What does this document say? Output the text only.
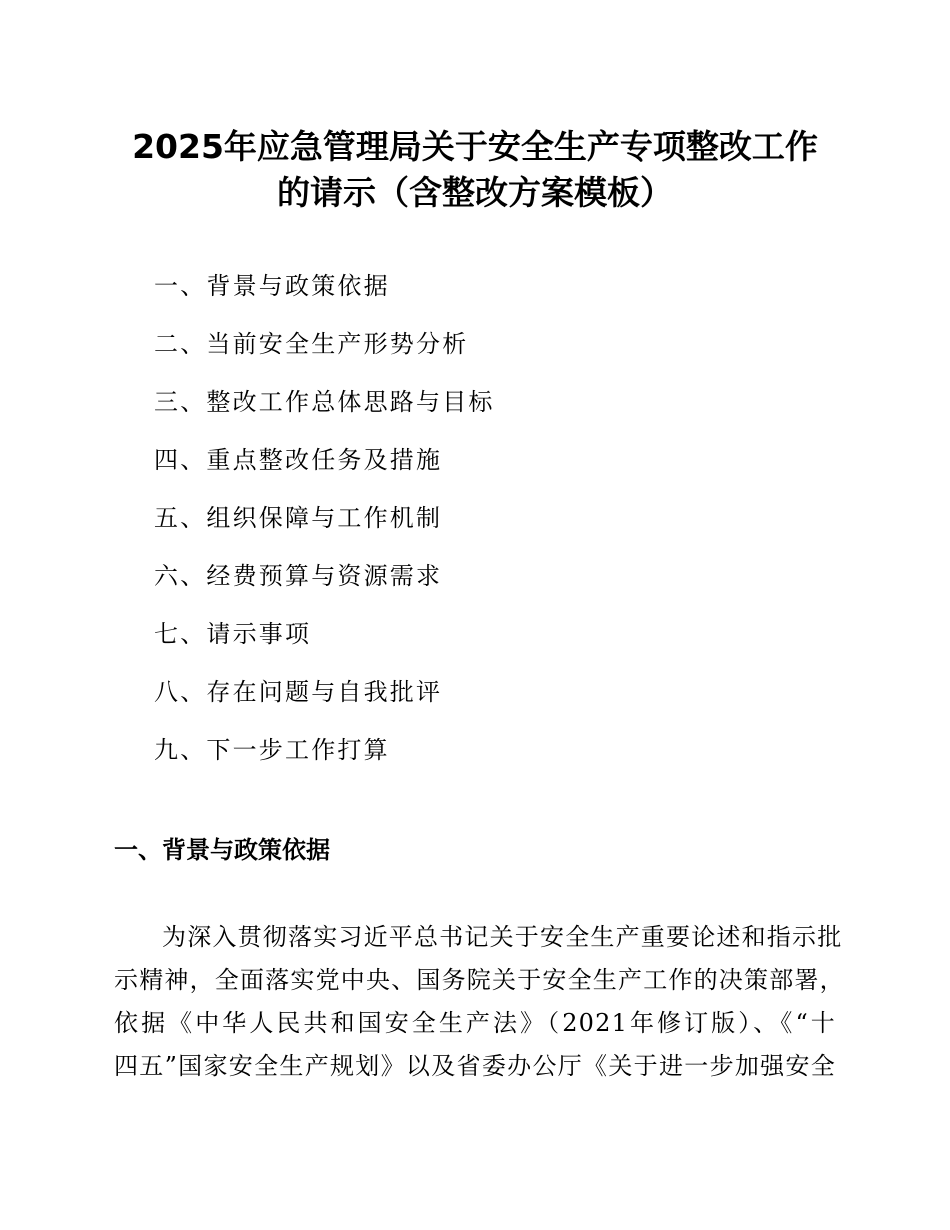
2025年应急管理局关于安全生产专项整改工作
的请示（含整改方案模板）
一、背景与政策依据
二、当前安全生产形势分析
三、整改工作总体思路与目标
四、重点整改任务及措施
五、组织保障与工作机制
六、经费预算与资源需求
七、请示事项
八、存在问题与自我批评
九、下一步工作打算
一、背景与政策依据

为深入贯彻落实习近平总书记关于安全生产重要论述和指示批
示精神，全面落实党中央、国务院关于安全生产工作的决策部署，
依据《中华人民共和国安全生产法》（2021年修订版）、《“十
四五”国家安全生产规划》以及省委办公厅《关于进一步加强安全
